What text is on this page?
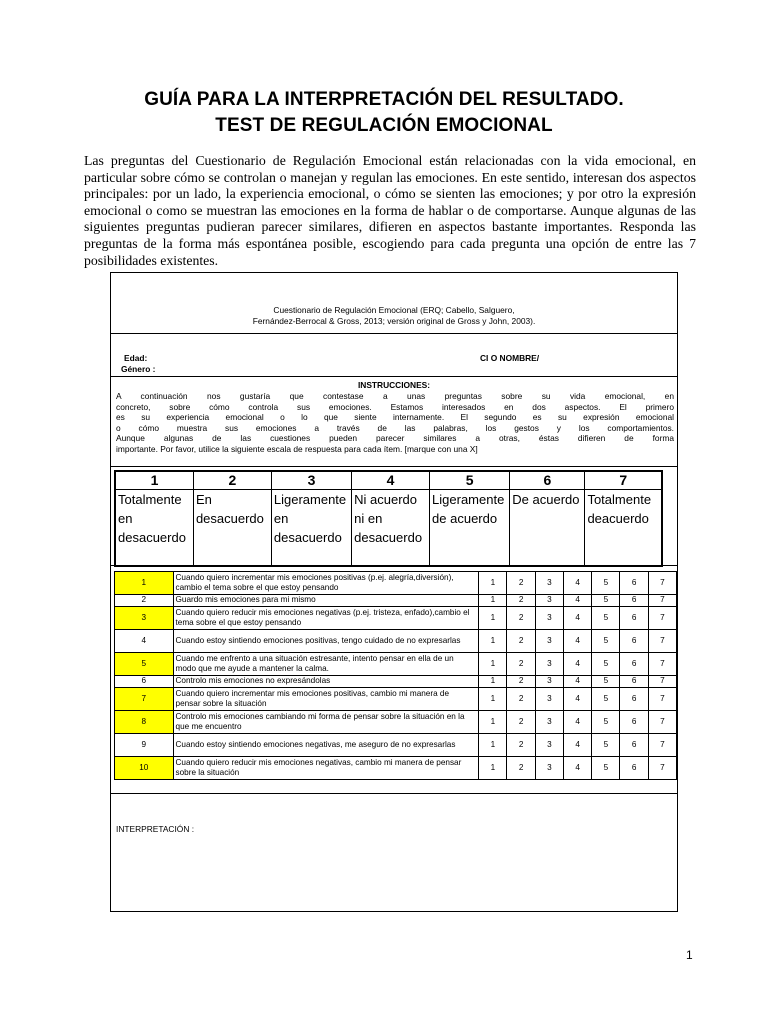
GUÍA PARA LA INTERPRETACIÓN DEL RESULTADO.
TEST DE REGULACIÓN EMOCIONAL
Las preguntas del Cuestionario de Regulación Emocional están relacionadas con la vida emocional, en particular sobre cómo se controlan o manejan y regulan las emociones. En este sentido, interesan dos aspectos principales: por un lado, la experiencia emocional, o cómo se sienten las emociones; y por otro la expresión emocional o como se muestran las emociones en la forma de hablar o de comportarse. Aunque algunas de las siguientes preguntas pudieran parecer similares, difieren en aspectos bastante importantes. Responda las preguntas de la forma más espontánea posible, escogiendo para cada pregunta una opción de entre las 7 posibilidades existentes.
Cuestionario de Regulación Emocional (ERQ; Cabello, Salguero,
Fernández-Berrocal & Gross, 2013; versión original de Gross y John, 2003).
Edad:
Género :
CI O NOMBRE/
INSTRUCCIONES:
A continuación nos gustaría que contestase a unas preguntas sobre su vida emocional, en
concreto, sobre cómo controla sus emociones. Estamos interesados en dos aspectos. El primero
es su experiencia emocional o lo que siente internamente. El segundo es su expresión emocional
o cómo muestra sus emociones a través de las palabras, los gestos y los comportamientos.
Aunque algunas de las cuestiones pueden parecer similares a otras, éstas difieren de forma
importante. Por favor, utilice la siguiente escala de respuesta para cada ítem. [marque con una X]
1	2	3	4	5	6	7
Totalmente en desacuerdo	En desacuerdo	Ligeramente en desacuerdo	Ni acuerdo ni en desacuerdo	Ligeramente de acuerdo	De acuerdo	Totalmente deacuerdo
1	Cuando quiero incrementar mis emociones positivas (p.ej. alegría,diversión), cambio el tema sobre el que estoy pensando	1	2	3	4	5	6	7
2	Guardo mis emociones para mi mismo	1	2	3	4	5	6	7
3	Cuando quiero reducir mis emociones negativas (p.ej. tristeza, enfado),cambio el tema sobre el que estoy pensando	1	2	3	4	5	6	7
4	Cuando estoy sintiendo emociones positivas, tengo cuidado de no expresarlas	1	2	3	4	5	6	7
5	Cuando me enfrento a una situación estresante, intento pensar en ella de un modo que me ayude a mantener la calma.	1	2	3	4	5	6	7
6	Controlo mis emociones no expresándolas	1	2	3	4	5	6	7
7	Cuando quiero incrementar mis emociones positivas, cambio mi manera de pensar sobre la situación	1	2	3	4	5	6	7
8	Controlo mis emociones cambiando mi forma de pensar sobre la situación en la que me encuentro	1	2	3	4	5	6	7
9	Cuando estoy sintiendo emociones negativas, me aseguro de no expresarlas	1	2	3	4	5	6	7
10	Cuando quiero reducir mis emociones negativas, cambio mi manera de pensar sobre la situación	1	2	3	4	5	6	7
INTERPRETACIÓN :
1
